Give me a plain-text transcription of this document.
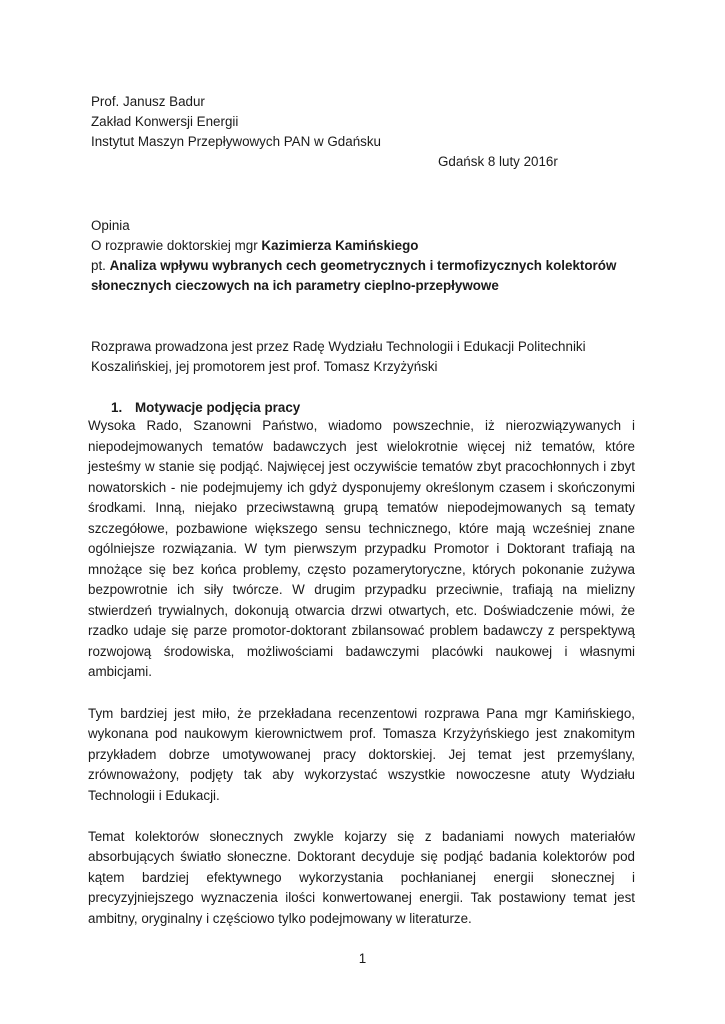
Prof. Janusz Badur
Zakład Konwersji Energii
Instytut Maszyn Przepływowych PAN w Gdańsku
Gdańsk 8 luty 2016r
Opinia
O rozprawie doktorskiej mgr Kazimierza Kamińskiego
pt. Analiza wpływu wybranych cech geometrycznych i termofizycznych kolektorów
słonecznych cieczowych na ich parametry cieplno-przepływowe
Rozprawa prowadzona jest przez Radę Wydziału Technologii i Edukacji Politechniki
Koszalińskiej, jej promotorem jest prof. Tomasz Krzyżyński
1. Motywacje podjęcia pracy
Wysoka Rado, Szanowni Państwo, wiadomo powszechnie, iż nierozwiązywanych i
niepodejmowanych tematów badawczych jest wielokrotnie więcej niż tematów, które
jesteśmy w stanie się podjąć. Najwięcej jest oczywiście tematów zbyt pracochłonnych i zbyt
nowatorskich - nie podejmujemy ich gdyż dysponujemy określonym czasem i skończonymi
środkami. Inną, niejako przeciwstawną grupą tematów niepodejmowanych są tematy
szczegółowe, pozbawione większego sensu technicznego, które mają wcześniej znane
ogólniejsze rozwiązania. W tym pierwszym przypadku Promotor i Doktorant trafiają na
mnożące się bez końca problemy, często pozamerytoryczne, których pokonanie zużywa
bezpowrotnie ich siły twórcze. W drugim przypadku przeciwnie, trafiają na mielizny
stwierdzeń trywialnych, dokonują otwarcia drzwi otwartych, etc. Doświadczenie mówi, że
rzadko udaje się parze promotor-doktorant zbilansować problem badawczy z perspektywą
rozwojową środowiska, możliwościami badawczymi placówki naukowej i własnymi
ambicjami.
Tym bardziej jest miło, że przekładana recenzentowi rozprawa Pana mgr Kamińskiego,
wykonana pod naukowym kierownictwem prof. Tomasza Krzyżyńskiego jest znakomitym
przykładem dobrze umotywowanej pracy doktorskiej. Jej temat jest przemyślany,
zrównoważony, podjęty tak aby wykorzystać wszystkie nowoczesne atuty Wydziału
Technologii i Edukacji.
Temat kolektorów słonecznych zwykle kojarzy się z badaniami nowych materiałów
absorbujących światło słoneczne. Doktorant decyduje się podjąć badania kolektorów pod
kątem bardziej efektywnego wykorzystania pochłanianej energii słonecznej i
precyzyjniejszego wyznaczenia ilości konwertowanej energii. Tak postawiony temat jest
ambitny, oryginalny i częściowo tylko podejmowany w literaturze.
1
